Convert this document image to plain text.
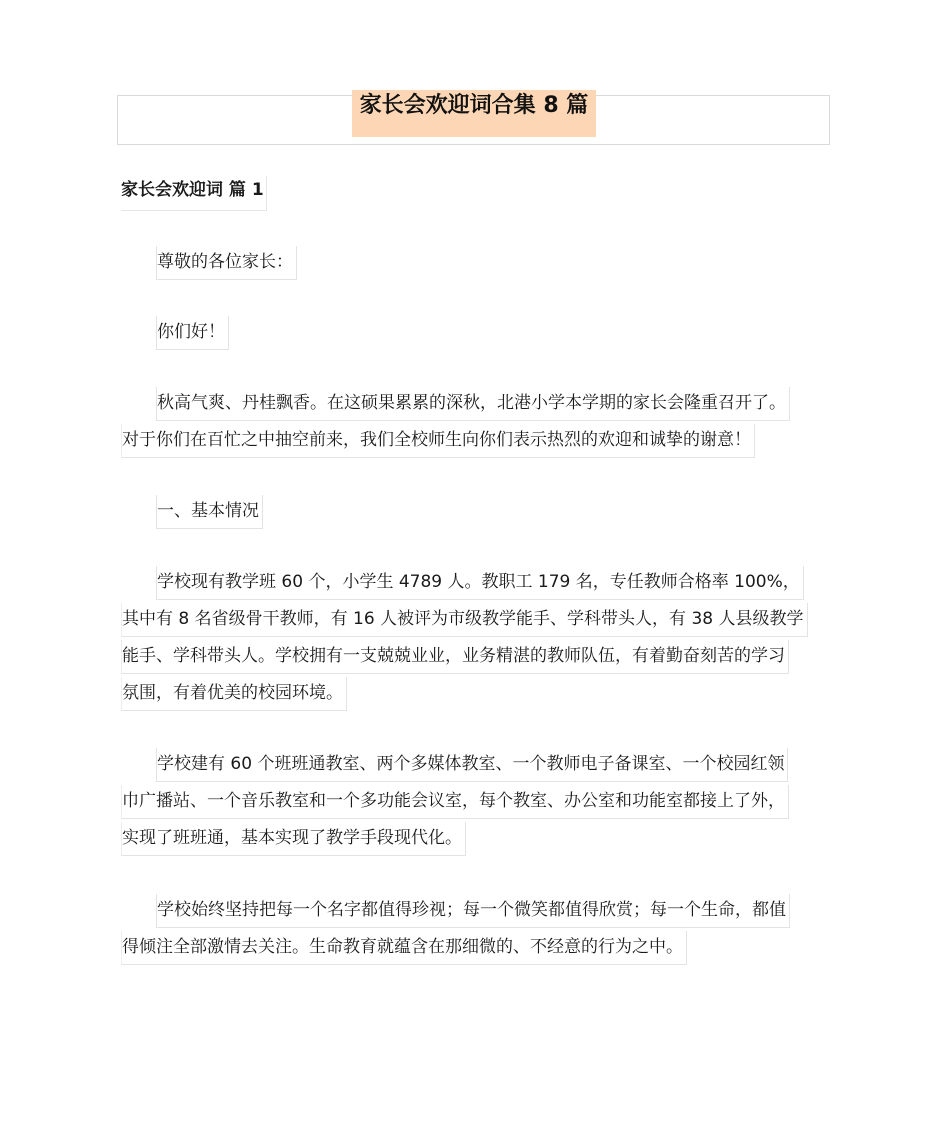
家长会欢迎词合集 8 篇
家长会欢迎词 篇 1
尊敬的各位家长：
你们好！
秋高气爽、丹桂飘香。在这硕果累累的深秋，北港小学本学期的家长会隆重召开了。
对于你们在百忙之中抽空前来，我们全校师生向你们表示热烈的欢迎和诚挚的谢意！
一、基本情况
学校现有教学班 60 个，小学生 4789 人。教职工 179 名，专任教师合格率 100%，
其中有 8 名省级骨干教师，有 16 人被评为市级教学能手、学科带头人，有 38 人县级教学
能手、学科带头人。学校拥有一支兢兢业业，业务精湛的教师队伍，有着勤奋刻苦的学习
氛围，有着优美的校园环境。
学校建有 60 个班班通教室、两个多媒体教室、一个教师电子备课室、一个校园红领
巾广播站、一个音乐教室和一个多功能会议室，每个教室、办公室和功能室都接上了外，
实现了班班通，基本实现了教学手段现代化。
学校始终坚持把每一个名字都值得珍视；每一个微笑都值得欣赏；每一个生命，都值
得倾注全部激情去关注。生命教育就蕴含在那细微的、不经意的行为之中。
